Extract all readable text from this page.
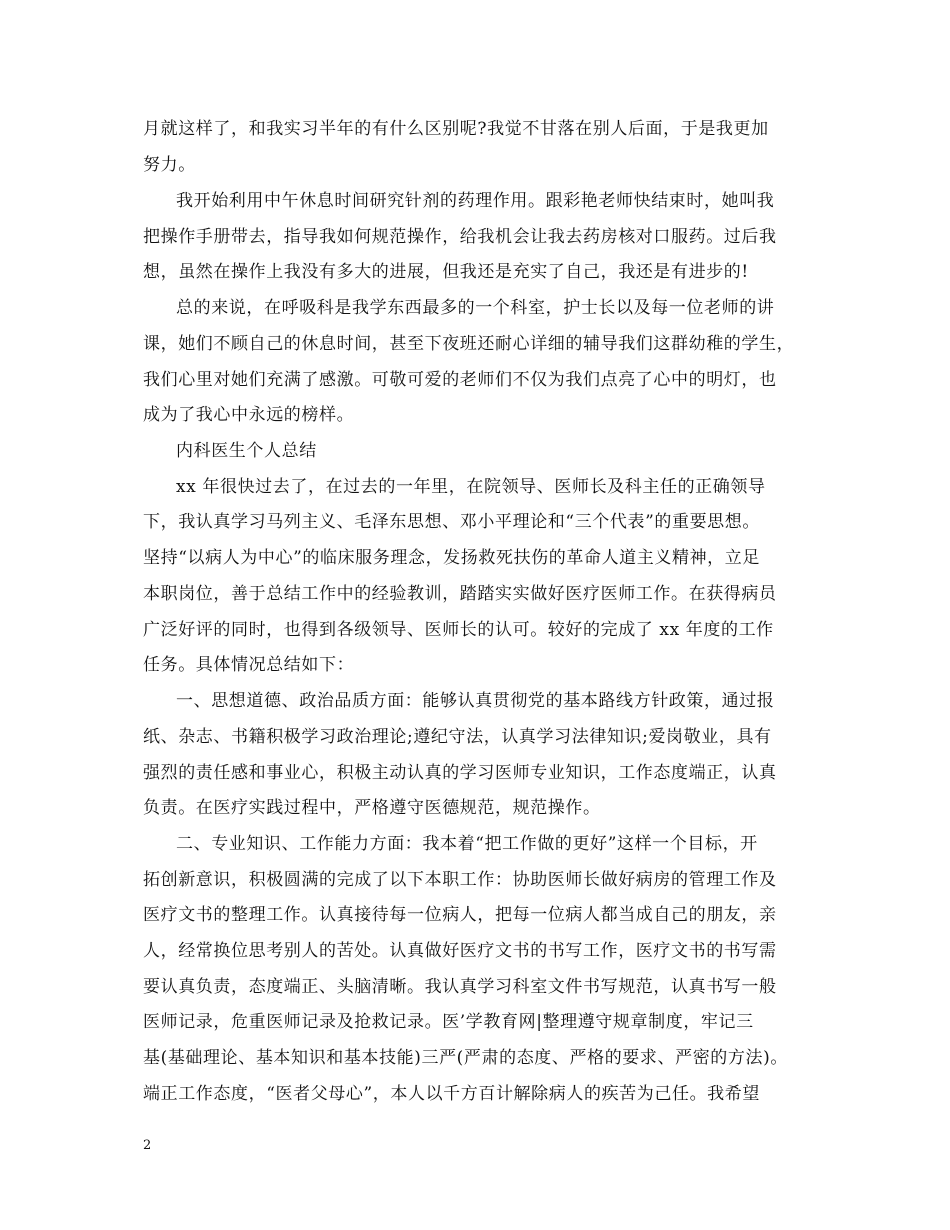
月就这样了，和我实习半年的有什么区别呢?我觉不甘落在别人后面，于是我更加
努力。
我开始利用中午休息时间研究针剂的药理作用。跟彩艳老师快结束时，她叫我
把操作手册带去，指导我如何规范操作，给我机会让我去药房核对口服药。过后我
想，虽然在操作上我没有多大的进展，但我还是充实了自己，我还是有进步的!
总的来说，在呼吸科是我学东西最多的一个科室，护士长以及每一位老师的讲
课，她们不顾自己的休息时间，甚至下夜班还耐心详细的辅导我们这群幼稚的学生，
我们心里对她们充满了感激。可敬可爱的老师们不仅为我们点亮了心中的明灯，也
成为了我心中永远的榜样。
内科医生个人总结
xx 年很快过去了，在过去的一年里，在院领导、医师长及科主任的正确领导
下，我认真学习马列主义、毛泽东思想、邓小平理论和“三个代表”的重要思想。
坚持“以病人为中心”的临床服务理念，发扬救死扶伤的革命人道主义精神，立足
本职岗位，善于总结工作中的经验教训，踏踏实实做好医疗医师工作。在获得病员
广泛好评的同时，也得到各级领导、医师长的认可。较好的完成了 xx 年度的工作
任务。具体情况总结如下：
一、思想道德、政治品质方面：能够认真贯彻党的基本路线方针政策，通过报
纸、杂志、书籍积极学习政治理论;遵纪守法，认真学习法律知识;爱岗敬业，具有
强烈的责任感和事业心，积极主动认真的学习医师专业知识，工作态度端正，认真
负责。在医疗实践过程中，严格遵守医德规范，规范操作。
二、专业知识、工作能力方面：我本着“把工作做的更好”这样一个目标，开
拓创新意识，积极圆满的完成了以下本职工作：协助医师长做好病房的管理工作及
医疗文书的整理工作。认真接待每一位病人，把每一位病人都当成自己的朋友，亲
人，经常换位思考别人的苦处。认真做好医疗文书的书写工作，医疗文书的书写需
要认真负责，态度端正、头脑清晰。我认真学习科室文件书写规范，认真书写一般
医师记录，危重医师记录及抢救记录。医’学教育网|整理遵守规章制度，牢记三
基(基础理论、基本知识和基本技能)三严(严肃的态度、严格的要求、严密的方法)。
端正工作态度，“医者父母心”，本人以千方百计解除病人的疾苦为己任。我希望
2
